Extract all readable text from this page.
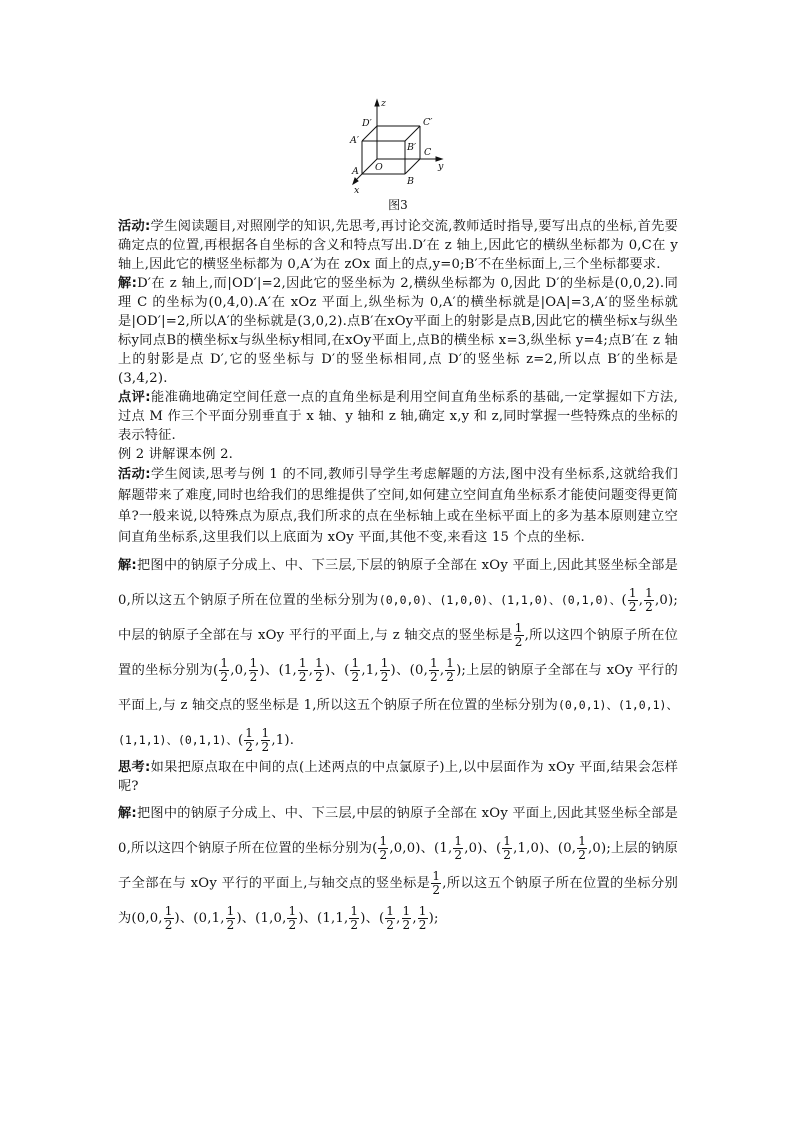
z
y
x
O
A
B
C
A′
B′
C′
D′
图3

活动:学生阅读题目,对照刚学的知识,先思考,再讨论交流,教师适时指导,要写出点的坐标,首先要确定点的位置,再根据各自坐标的含义和特点写出.D′在 z 轴上,因此它的横纵坐标都为 0,C在 y 轴上,因此它的横竖坐标都为 0,A′为在 zOx 面上的点,y=0;B′不在坐标面上,三个坐标都要求.

解:D′在 z 轴上,而|OD′|=2,因此它的竖坐标为 2,横纵坐标都为 0,因此 D′的坐标是(0,0,2).同理 C 的坐标为(0,4,0).A′在 xOz 平面上,纵坐标为 0,A′的横坐标就是|OA|=3,A′的竖坐标就是|OD′|=2,所以A′的坐标就是(3,0,2).点B′在xOy平面上的射影是点B,因此它的横坐标x与纵坐标y同点B的横坐标x与纵坐标y相同,在xOy平面上,点B的横坐标 x=3,纵坐标 y=4;点B′在 z 轴上的射影是点 D′,它的竖坐标与 D′的竖坐标相同,点 D′的竖坐标 z=2,所以点 B′的坐标是(3,4,2).

点评:能准确地确定空间任意一点的直角坐标是利用空间直角坐标系的基础,一定掌握如下方法,过点 M 作三个平面分别垂直于 x 轴、y 轴和 z 轴,确定 x,y 和 z,同时掌握一些特殊点的坐标的表示特征.

例 2 讲解课本例 2.

活动:学生阅读,思考与例 1 的不同,教师引导学生考虑解题的方法,图中没有坐标系,这就给我们解题带来了难度,同时也给我们的思维提供了空间,如何建立空间直角坐标系才能使问题变得更简单?一般来说,以特殊点为原点,我们所求的点在坐标轴上或在坐标平面上的多为基本原则建立空间直角坐标系,这里我们以上底面为 xOy 平面,其他不变,来看这 15 个点的坐标.

解:把图中的钠原子分成上、中、下三层,下层的钠原子全部在 xOy 平面上,因此其竖坐标全部是 0,所以这五个钠原子所在位置的坐标分别为(0,0,0)、(1,0,0)、(1,1,0)、(0,1,0)、( $\frac{1}{2}$ , $\frac{1}{2} ,0$);中层的钠原子全部在与 xOy 平行的平面上,与 z 轴交点的竖坐标是 $\frac{1}{2}$ ,所以这四个钠原子所在位置的坐标分别为( $\frac{1}{2} ,0$, $\frac{1}{2}$ )、(1, $\frac{1}{2}$ , $\frac{1}{2}$ )、( $\frac{1}{2} ,1$, $\frac{1}{2}$ )、(0, $\frac{1}{2}$ , $\frac{1}{2}$ );上层的钠原子全部在与 xOy 平行的平面上,与 z 轴交点的竖坐标是 1,所以这五个钠原子所在位置的坐标分别为(0,0,1)、(1,0,1)、(1,1,1)、(0,1,1)、( $\frac{1}{2}$ , $\frac{1}{2} ,1$).

思考:如果把原点取在中间的点(上述两点的中点氯原子)上,以中层面作为 xOy 平面,结果会怎样呢?

解:把图中的钠原子分成上、中、下三层,中层的钠原子全部在 xOy 平面上,因此其竖坐标全部是 0,所以这四个钠原子所在位置的坐标分别为( $\frac{1}{2} ,0,0$)、(1, $\frac{1}{2} ,0$)、( $\frac{1}{2} ,1,0$)、(0, $\frac{1}{2} ,0$);上层的钠原子全部在与 xOy 平行的平面上,与轴交点的竖坐标是 $\frac{1}{2}$ ,所以这五个钠原子所在位置的坐标分别为(0,0, $\frac{1}{2}$ )、(0,1, $\frac{1}{2}$ )、(1,0, $\frac{1}{2}$ )、(1,1, $\frac{1}{2}$ )、( $\frac{1}{2}$ , $\frac{1}{2}$ , $\frac{1}{2}$ );
